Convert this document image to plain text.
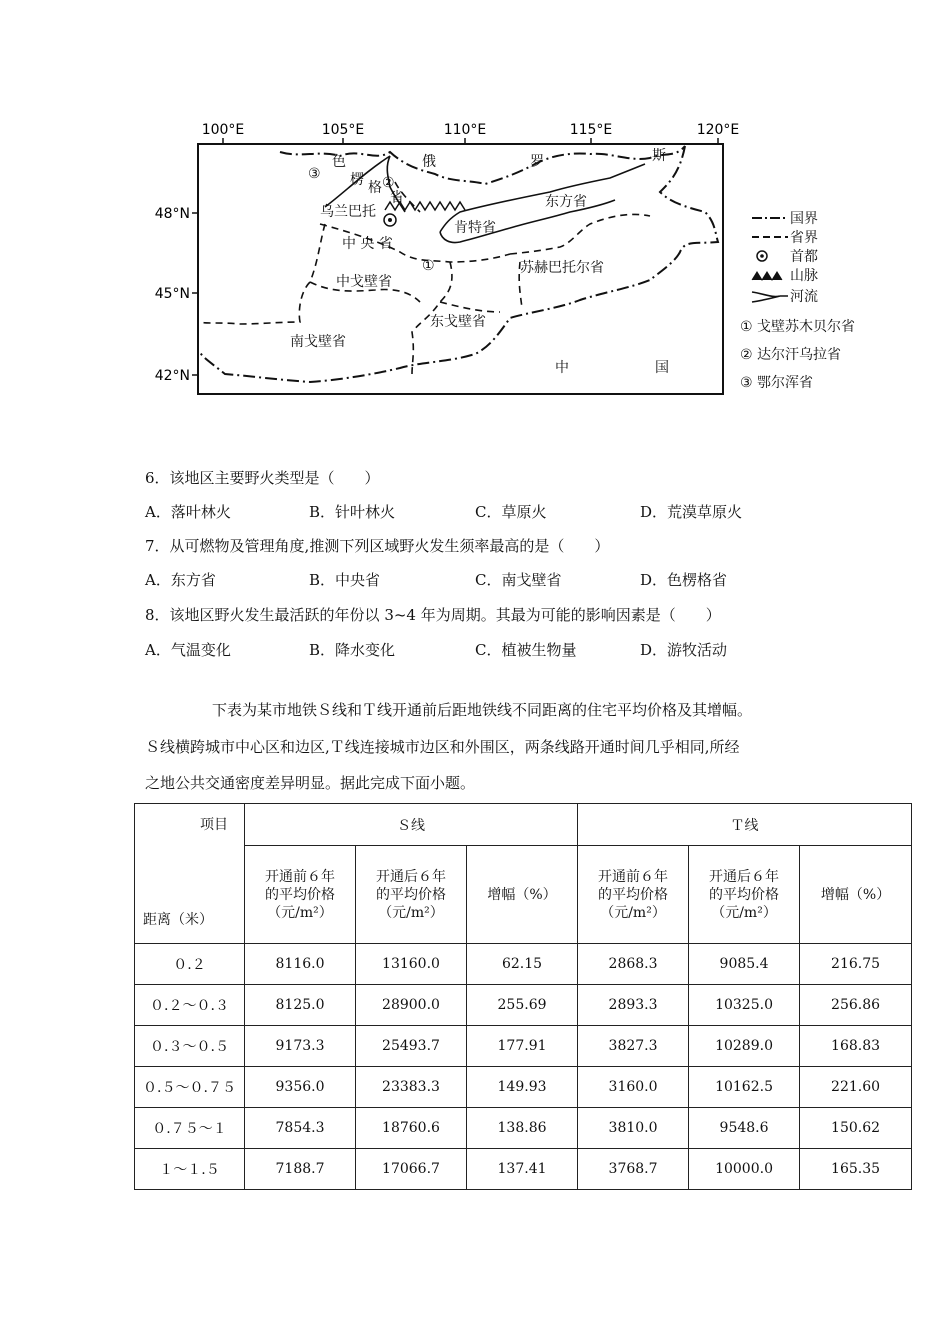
100°E	105°E	110°E	115°E	120°E
48°N
45°N
42°N
色	俄	罗	斯
楞 格
省
③
②
①
乌兰巴托
肯特省
东方省
中 央 省
苏赫巴托尔省
中戈壁省
东戈壁省
南戈壁省
中	国
国界
省界
首都
山脉
河流
① 戈壁苏木贝尔省
② 达尔汗乌拉省
③ 鄂尔浑省
6．该地区主要野火类型是（　　）
A．落叶林火	B．针叶林火	C．草原火	D．荒漠草原火
7．从可燃物及管理角度,推测下列区域野火发生须率最高的是（　　）
A．东方省	B．中央省	C．南戈壁省	D．色楞格省
8．该地区野火发生最活跃的年份以 3~4 年为周期。其最为可能的影响因素是（　　）
A．气温变化	B．降水变化	C．植被生物量	D．游牧活动
下表为某市地铁Ｓ线和Ｔ线开通前后距地铁线不同距离的住宅平均价格及其增幅。
Ｓ线横跨城市中心区和边区,Ｔ线连接城市边区和外围区，两条线路开通时间几乎相同,所经
之地公共交通密度差异明显。据此完成下面小题。
项目
距离（米）	Ｓ线			Ｔ线		
	开通前６年
的平均价格
（元/m²）	开通后６年
的平均价格
（元/m²）	增幅（%）	开通前６年
的平均价格
（元/m²）	开通后６年
的平均价格
（元/m²）	增幅（%）
０.２	8116.0	13160.0	62.15	2868.3	9085.4	216.75
０.２～０.３	8125.0	28900.0	255.69	2893.3	10325.0	256.86
０.３～０.５	9173.3	25493.7	177.91	3827.3	10289.0	168.83
０.５～０.７５	9356.0	23383.3	149.93	3160.0	10162.5	221.60
０.７５～１	7854.3	18760.6	138.86	3810.0	9548.6	150.62
１～１.５	7188.7	17066.7	137.41	3768.7	10000.0	165.35
